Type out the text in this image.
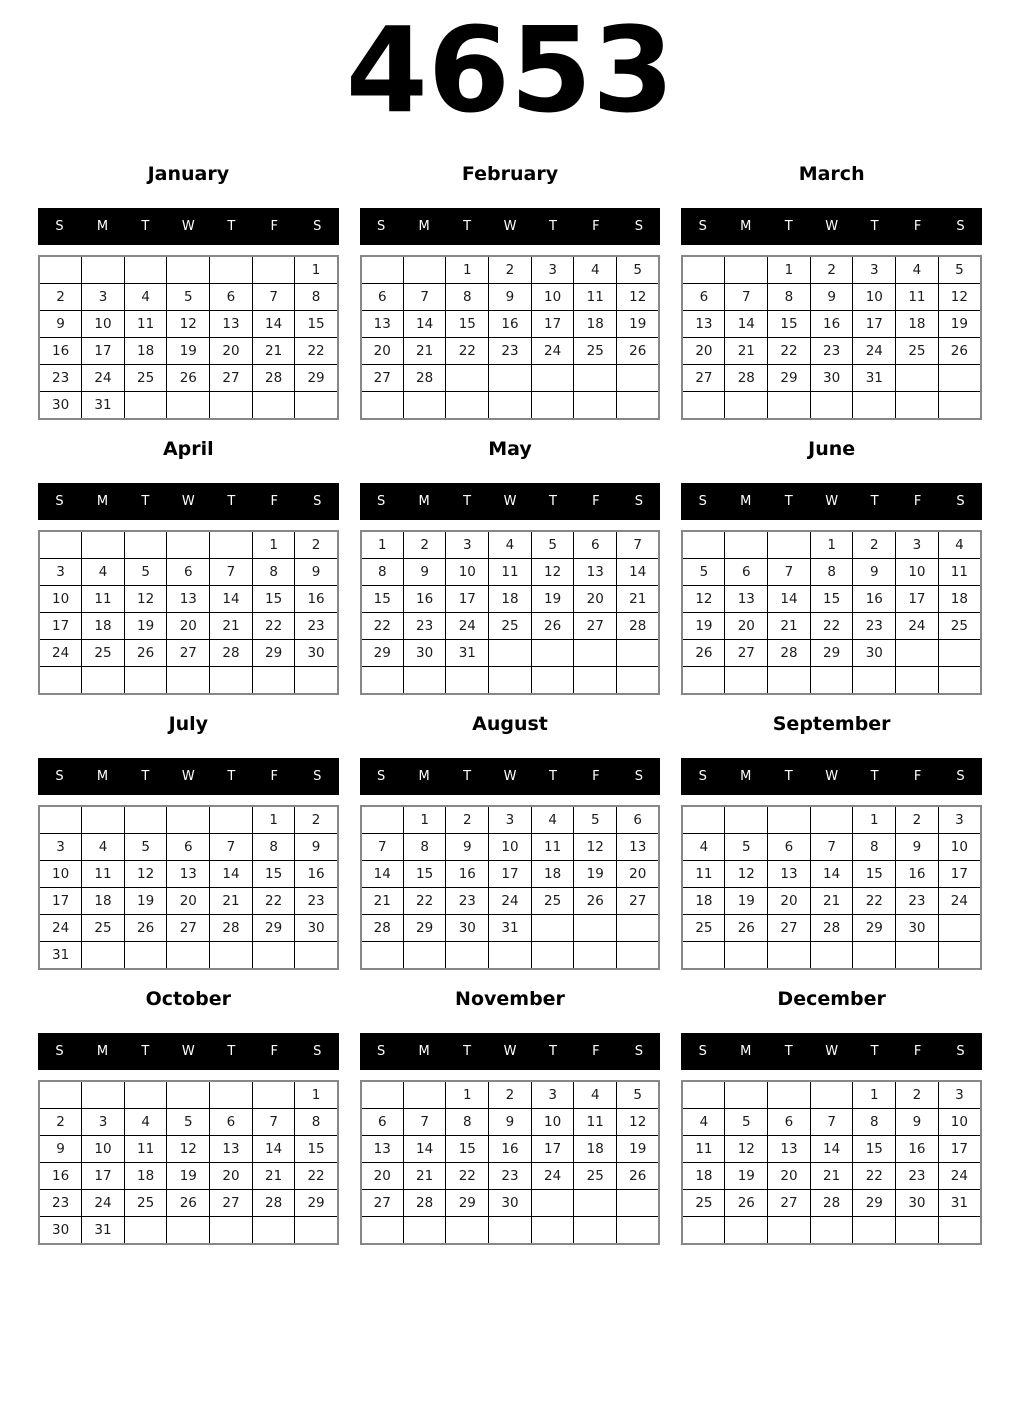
4653
January
S	M	T	W	T	F	S
						1
2	3	4	5	6	7	8
9	10	11	12	13	14	15
16	17	18	19	20	21	22
23	24	25	26	27	28	29
30	31					
February
S	M	T	W	T	F	S
		1	2	3	4	5
6	7	8	9	10	11	12
13	14	15	16	17	18	19
20	21	22	23	24	25	26
27	28					

March
S	M	T	W	T	F	S
		1	2	3	4	5
6	7	8	9	10	11	12
13	14	15	16	17	18	19
20	21	22	23	24	25	26
27	28	29	30	31		

April
S	M	T	W	T	F	S
					1	2
3	4	5	6	7	8	9
10	11	12	13	14	15	16
17	18	19	20	21	22	23
24	25	26	27	28	29	30

May
S	M	T	W	T	F	S
1	2	3	4	5	6	7
8	9	10	11	12	13	14
15	16	17	18	19	20	21
22	23	24	25	26	27	28
29	30	31				

June
S	M	T	W	T	F	S
			1	2	3	4
5	6	7	8	9	10	11
12	13	14	15	16	17	18
19	20	21	22	23	24	25
26	27	28	29	30		

July
S	M	T	W	T	F	S
					1	2
3	4	5	6	7	8	9
10	11	12	13	14	15	16
17	18	19	20	21	22	23
24	25	26	27	28	29	30
31						
August
S	M	T	W	T	F	S
	1	2	3	4	5	6
7	8	9	10	11	12	13
14	15	16	17	18	19	20
21	22	23	24	25	26	27
28	29	30	31			

September
S	M	T	W	T	F	S
				1	2	3
4	5	6	7	8	9	10
11	12	13	14	15	16	17
18	19	20	21	22	23	24
25	26	27	28	29	30	

October
S	M	T	W	T	F	S
						1
2	3	4	5	6	7	8
9	10	11	12	13	14	15
16	17	18	19	20	21	22
23	24	25	26	27	28	29
30	31					
November
S	M	T	W	T	F	S
		1	2	3	4	5
6	7	8	9	10	11	12
13	14	15	16	17	18	19
20	21	22	23	24	25	26
27	28	29	30			

December
S	M	T	W	T	F	S
				1	2	3
4	5	6	7	8	9	10
11	12	13	14	15	16	17
18	19	20	21	22	23	24
25	26	27	28	29	30	31
